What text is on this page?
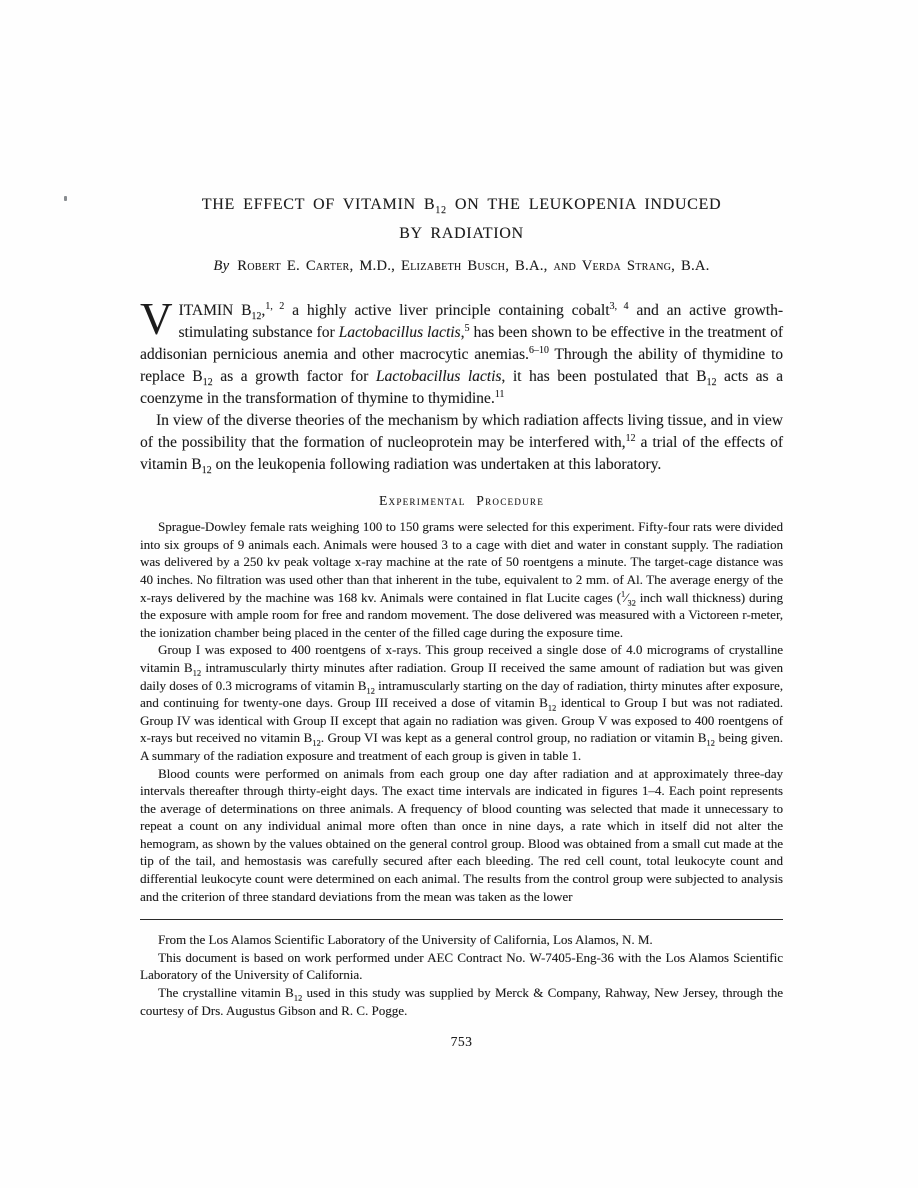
THE EFFECT OF VITAMIN $B_{12}$ ON THE LEUKOPENIA INDUCED
BY RADIATION
By Robert E. Carter, M.D., Elizabeth Busch, B.A., and Verda Strang, B.A.

VITAMIN $B_{12},^{1, 2}$ a highly active liver principle containing cobalt$^{3, 4}$ and an active growth-stimulating substance for Lactobacillus lactis,$^5$ has been shown to be effective in the treatment of addisonian pernicious anemia and other macrocytic anemias.$^{6-10}$ Through the ability of thymidine to replace $B_{12}$ as a growth factor for Lactobacillus lactis, it has been postulated that $B_{12}$ acts as a coenzyme in the transformation of thymine to thymidine.$^{11}$

In view of the diverse theories of the mechanism by which radiation affects living tissue, and in view of the possibility that the formation of nucleoprotein may be interfered with,$^{12}$ a trial of the effects of vitamin $B_{12}$ on the leukopenia following radiation was undertaken at this laboratory.

Experimental Procedure

Sprague-Dowley female rats weighing 100 to 150 grams were selected for this experiment. Fifty-four rats were divided into six groups of 9 animals each. Animals were housed 3 to a cage with diet and water in constant supply. The radiation was delivered by a 250 kv peak voltage x-ray machine at the rate of 50 roentgens a minute. The target-cage distance was 40 inches. No filtration was used other than that inherent in the tube, equivalent to 2 mm. of Al. The average energy of the x-rays delivered by the machine was 168 kv. Animals were contained in flat Lucite cages ($^1⁄_{32}$ inch wall thickness) during the exposure with ample room for free and random movement. The dose delivered was measured with a Victoreen r-meter, the ionization chamber being placed in the center of the filled cage during the exposure time.

Group I was exposed to 400 roentgens of x-rays. This group received a single dose of 4.0 micrograms of crystalline vitamin $B_{12}$ intramuscularly thirty minutes after radiation. Group II received the same amount of radiation but was given daily doses of 0.3 micrograms of vitamin $B_{12}$ intramuscularly starting on the day of radiation, thirty minutes after exposure, and continuing for twenty-one days. Group III received a dose of vitamin $B_{12}$ identical to Group I but was not radiated. Group IV was identical with Group II except that again no radiation was given. Group V was exposed to 400 roentgens of x-rays but received no vitamin $B_{12}$. Group VI was kept as a general control group, no radiation or vitamin $B_{12}$ being given. A summary of the radiation exposure and treatment of each group is given in table 1.

Blood counts were performed on animals from each group one day after radiation and at approximately three-day intervals thereafter through thirty-eight days. The exact time intervals are indicated in figures 1–4. Each point represents the average of determinations on three animals. A frequency of blood counting was selected that made it unnecessary to repeat a count on any individual animal more often than once in nine days, a rate which in itself did not alter the hemogram, as shown by the values obtained on the general control group. Blood was obtained from a small cut made at the tip of the tail, and hemostasis was carefully secured after each bleeding. The red cell count, total leukocyte count and differential leukocyte count were determined on each animal. The results from the control group were subjected to analysis and the criterion of three standard deviations from the mean was taken as the lower

From the Los Alamos Scientific Laboratory of the University of California, Los Alamos, N. M.

This document is based on work performed under AEC Contract No. W-7405-Eng-36 with the Los Alamos Scientific Laboratory of the University of California.

The crystalline vitamin $B_{12}$ used in this study was supplied by Merck & Company, Rahway, New Jersey, through the courtesy of Drs. Augustus Gibson and R. C. Pogge.

753
